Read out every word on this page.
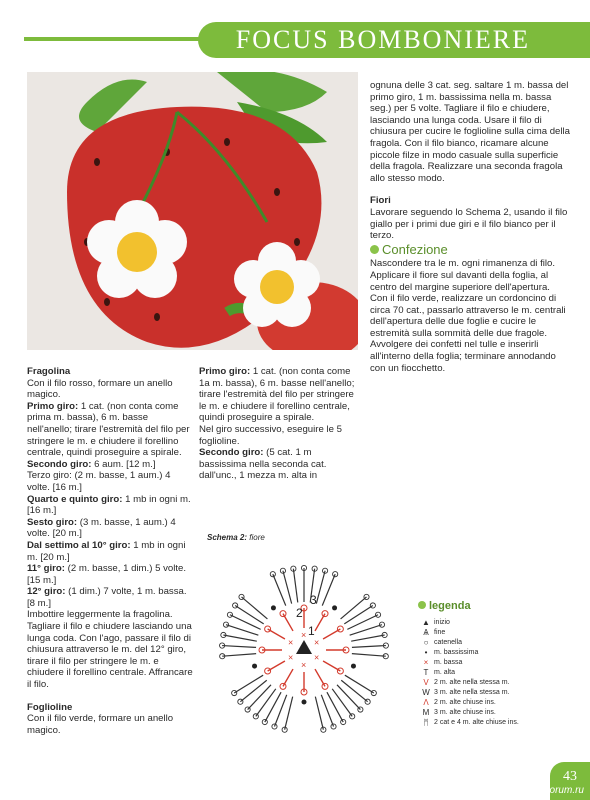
FOCUS BOMBONIERE

Fragolina

Con il filo rosso, formare un anello magico.

Primo giro: 1 cat. (non conta come prima m. bassa), 6 m. basse nell'anello; tirare l'estremità del filo per stringere le m. e chiudere il forellino centrale, quindi proseguire a spirale.

Secondo giro: 6 aum. [12 m.]

Terzo giro: (2 m. basse, 1 aum.) 4 volte. [16 m.]

Quarto e quinto giro: 1 mb in ogni m. [16 m.]

Sesto giro: (3 m. basse, 1 aum.) 4 volte. [20 m.]

Dal settimo al 10° giro: 1 mb in ogni m. [20 m.]

11° giro: (2 m. basse, 1 dim.) 5 volte. [15 m.]

12° giro: (1 dim.) 7 volte, 1 m. bassa. [8 m.]

Imbottire leggermente la fragolina. Tagliare il filo e chiudere lasciando una lunga coda. Con l'ago, passare il filo di chiusura attraverso le m. del 12° giro, tirare il filo per stringere le m. e chiudere il forellino centrale. Affrancare il filo.

Foglioline

Con il filo verde, formare un anello magico.

Primo giro: 1 cat. (non conta come 1a m. bassa), 6 m. basse nell'anello; tirare l'estremità del filo per stringere le m. e chiudere il forellino centrale, quindi proseguire a spirale.

Nel giro successivo, eseguire le 5 foglioline.

Secondo giro: (5 cat. 1 m bassissima nella seconda cat. dall'unc., 1 mezza m. alta in

ognuna delle 3 cat. seg. saltare 1 m. bassa del primo giro, 1 m. bassissima nella m. bassa seg.) per 5 volte. Tagliare il filo e chiudere, lasciando una lunga coda. Usare il filo di chiusura per cucire le foglioline sulla cima della fragola. Con il filo bianco, ricamare alcune piccole filze in modo casuale sulla superficie della fragola. Realizzare una seconda fragola allo stesso modo.

Fiori

Lavorare seguendo lo Schema 2, usando il filo giallo per i primi due giri e il filo bianco per il terzo.

Confezione

Nascondere tra le m. ogni rimanenza di filo. Applicare il fiore sul davanti della foglia, al centro del margine superiore dell'apertura. Con il filo verde, realizzare un cordoncino di circa 70 cat., passarlo attraverso le m. centrali dell'apertura delle due foglie e cucire le estremità sulla sommità delle due fragole. Avvolgere dei confetti nel tulle e inserirli all'interno della foglia; terminare annodando con un fiocchetto.

Schema 2: fiore
×
×
×
×
×
×
1
2
3	legenda
▲ inizio
Ѧ fine
○ catenella
• m. bassissima
× m. bassa
T m. alta
V 2 m. alte nella stessa m.
W 3 m. alte nella stessa m.
Λ 2 m. alte chiuse ins.
M 3 m. alte chiuse ins.
ᛗ 2 cat e 4 m. alte chiuse ins.
43
PassionForum.ru
